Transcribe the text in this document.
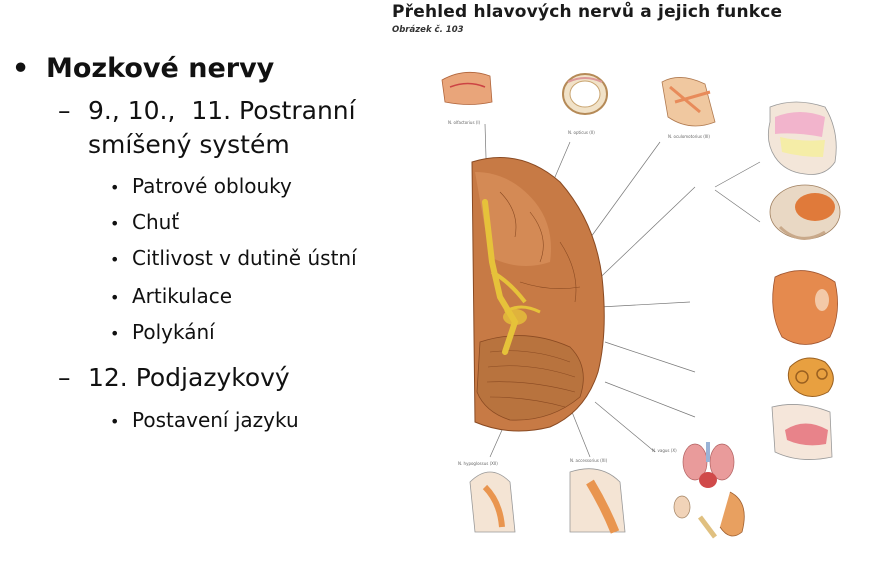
Přehled hlavových nervů a jejich funkce
Obrázek č. 103
• Mozkové nervy
– 9., 10.,  11. Postranní
smíšený systém
• Patrové oblouky
• Chuť
• Citlivost v dutině ústní
• Artikulace
• Polykání
– 12. Podjazykový
• Postavení jazyku
N. olfactorius (I)
N. opticus (II)
N. oculomotorius (III)
N. hypoglossus (XII)
N. accessorius (XI)
N. vagus (X)
